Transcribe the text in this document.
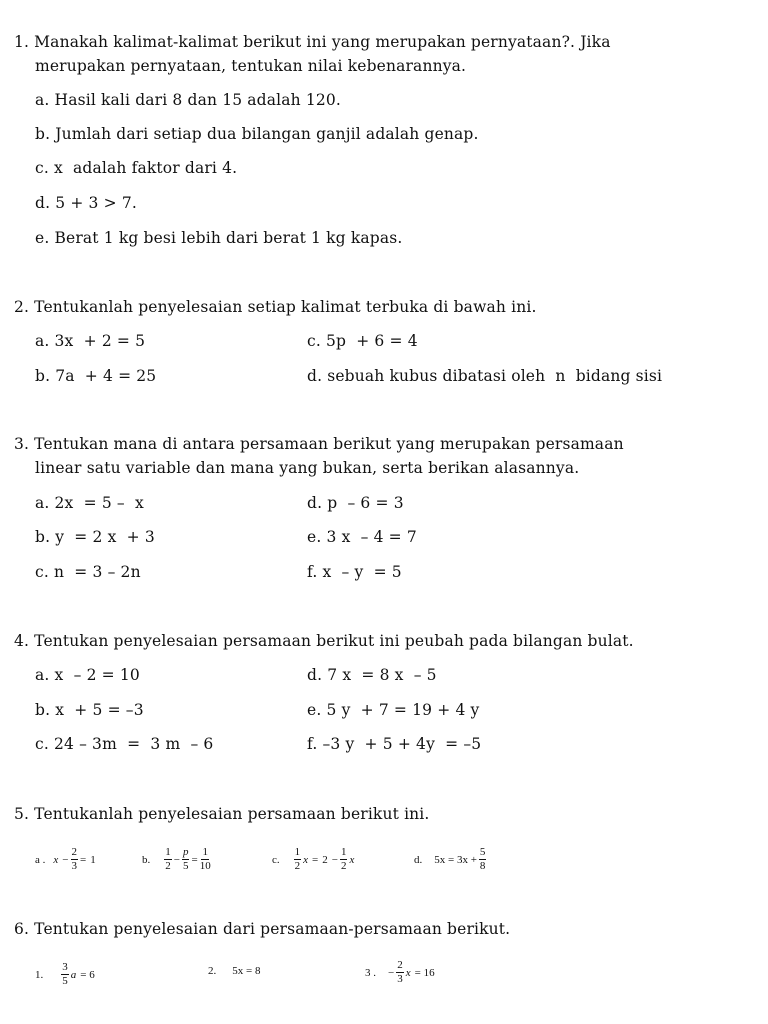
1. Manakah kalimat-kalimat berikut ini yang merupakan pernyataan?. Jika
merupakan pernyataan, tentukan nilai kebenarannya.
a. Hasil kali dari 8 dan 15 adalah 120.
b. Jumlah dari setiap dua bilangan ganjil adalah genap.
c. x  adalah faktor dari 4.
d. 5 + 3 > 7.
e. Berat 1 kg besi lebih dari berat 1 kg kapas.
2. Tentukanlah penyelesaian setiap kalimat terbuka di bawah ini.
a. 3x  + 2 = 5	c. 5p  + 6 = 4
b. 7a  + 4 = 25	d. sebuah kubus dibatasi oleh  n  bidang sisi
3. Tentukan mana di antara persamaan berikut yang merupakan persamaan
linear satu variable dan mana yang bukan, serta berikan alasannya.
a. 2x  = 5 –  x	d. p  – 6 = 3
b. y  = 2 x  + 3	e. 3 x  – 4 = 7
c. n  = 3 – 2n	f. x  – y  = 5
4. Tentukan penyelesaian persamaan berikut ini peubah pada bilangan bulat.
a. x  – 2 = 10	d. 7 x  = 8 x  – 5
b. x  + 5 = –3	e. 5 y  + 7 = 19 + 4 y
c. 24 – 3m  =  3 m  – 6	f. –3 y  + 5 + 4y  = –5
5. Tentukanlah penyelesaian persamaan berikut ini.
a . $x - \frac{2}{3} = 1$	b. $\frac{1}{2} - \frac{p}{5} = \frac{1}{10}$	c. $\frac{1}{2}$ $x = 2 - \frac{1}{2}$ x	d. $5x = 3x + \frac{5}{8}$
6. Tentukan penyelesaian dari persamaan-persamaan berikut.
1. $\frac{3}{5}$ a = 6	2. 5x = 8	3 . − $\frac{2}{3}$ x = 16
